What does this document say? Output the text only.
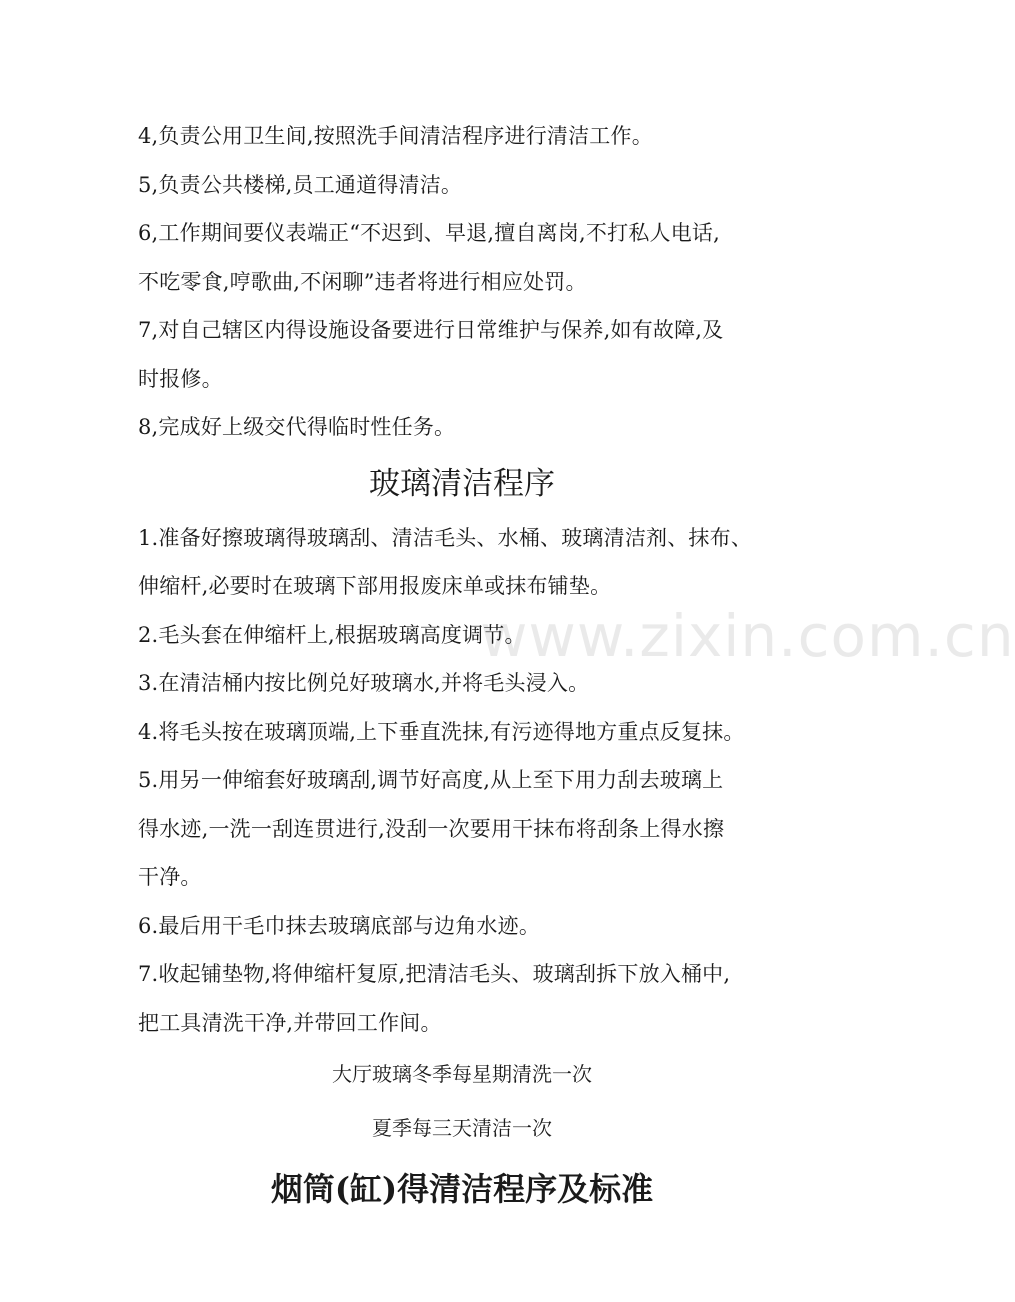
www.zixin.com.cn
4,负责公用卫生间,按照洗手间清洁程序进行清洁工作。
5,负责公共楼梯,员工通道得清洁。
6,工作期间要仪表端正“不迟到、早退,擅自离岗,不打私人电话,
不吃零食,哼歌曲,不闲聊”违者将进行相应处罚。
7,对自己辖区内得设施设备要进行日常维护与保养,如有故障,及
时报修。
8,完成好上级交代得临时性任务。
玻璃清洁程序
1.准备好擦玻璃得玻璃刮、清洁毛头、水桶、玻璃清洁剂、抹布、
伸缩杆,必要时在玻璃下部用报废床单或抹布铺垫。
2.毛头套在伸缩杆上,根据玻璃高度调节。
3.在清洁桶内按比例兑好玻璃水,并将毛头浸入。
4.将毛头按在玻璃顶端,上下垂直洗抹,有污迹得地方重点反复抹。
5.用另一伸缩套好玻璃刮,调节好高度,从上至下用力刮去玻璃上
得水迹,一洗一刮连贯进行,没刮一次要用干抹布将刮条上得水擦
干净。
6.最后用干毛巾抹去玻璃底部与边角水迹。
7.收起铺垫物,将伸缩杆复原,把清洁毛头、玻璃刮拆下放入桶中,
把工具清洗干净,并带回工作间。
大厅玻璃冬季每星期清洗一次
夏季每三天清洁一次
烟筒(缸)得清洁程序及标准
